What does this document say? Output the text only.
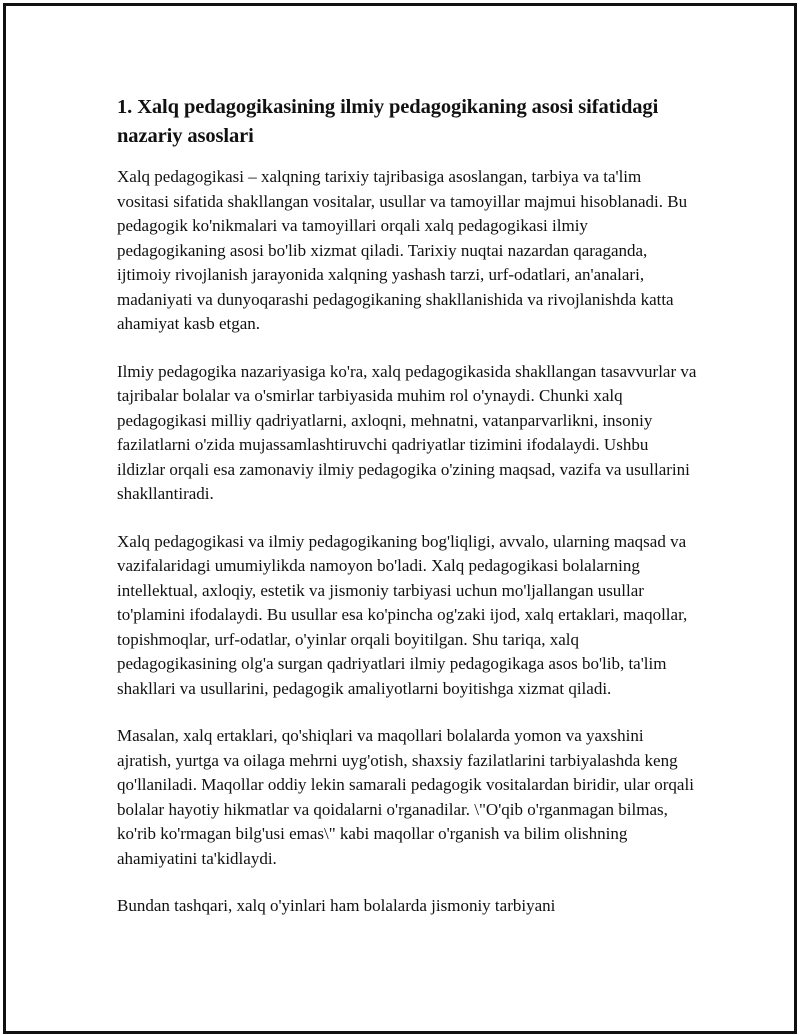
1. Xalq pedagogikasining ilmiy pedagogikaning asosi sifatidagi nazariy asoslari

Xalq pedagogikasi – xalqning tarixiy tajribasiga asoslangan, tarbiya va ta'lim vositasi sifatida shakllangan vositalar, usullar va tamoyillar majmui hisoblanadi. Bu pedagogik ko'nikmalari va tamoyillari orqali xalq pedagogikasi ilmiy pedagogikaning asosi bo'lib xizmat qiladi. Tarixiy nuqtai nazardan qaraganda, ijtimoiy rivojlanish jarayonida xalqning yashash tarzi, urf-odatlari, an'analari, madaniyati va dunyoqarashi pedagogikaning shakllanishida va rivojlanishda katta ahamiyat kasb etgan.

Ilmiy pedagogika nazariyasiga ko'ra, xalq pedagogikasida shakllangan tasavvurlar va tajribalar bolalar va o'smirlar tarbiyasida muhim rol o'ynaydi. Chunki xalq pedagogikasi milliy qadriyatlarni, axloqni, mehnatni, vatanparvarlikni, insoniy fazilatlarni o'zida mujassamlashtiruvchi qadriyatlar tizimini ifodalaydi. Ushbu ildizlar orqali esa zamonaviy ilmiy pedagogika o'zining maqsad, vazifa va usullarini shakllantiradi.

Xalq pedagogikasi va ilmiy pedagogikaning bog'liqligi, avvalo, ularning maqsad va vazifalaridagi umumiylikda namoyon bo'ladi. Xalq pedagogikasi bolalarning intellektual, axloqiy, estetik va jismoniy tarbiyasi uchun mo'ljallangan usullar to'plamini ifodalaydi. Bu usullar esa ko'pincha og'zaki ijod, xalq ertaklari, maqollar, topishmoqlar, urf-odatlar, o'yinlar orqali boyitilgan. Shu tariqa, xalq pedagogikasining olg'a surgan qadriyatlari ilmiy pedagogikaga asos bo'lib, ta'lim shakllari va usullarini, pedagogik amaliyotlarni boyitishga xizmat qiladi.

Masalan, xalq ertaklari, qo'shiqlari va maqollari bolalarda yomon va yaxshini ajratish, yurtga va oilaga mehrni uyg'otish, shaxsiy fazilatlarini tarbiyalashda keng qo'llaniladi. Maqollar oddiy lekin samarali pedagogik vositalardan biridir, ular orqali bolalar hayotiy hikmatlar va qoidalarni o'rganadilar. \"O'qib o'rganmagan bilmas, ko'rib ko'rmagan bilg'usi emas\" kabi maqollar o'rganish va bilim olishning ahamiyatini ta'kidlaydi.

Bundan tashqari, xalq o'yinlari ham bolalarda jismoniy tarbiyani
